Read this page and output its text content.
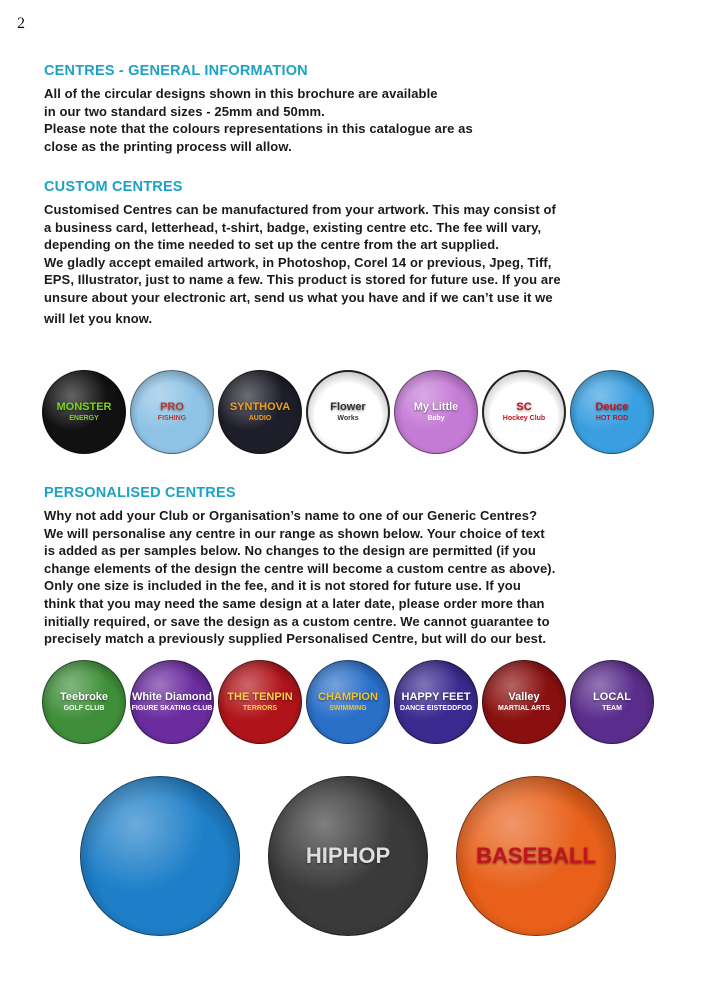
2
CENTRES - GENERAL INFORMATION
All of the circular designs shown in this brochure are available
in our two standard sizes - 25mm and 50mm.
Please note that the colours representations in this catalogue are as
close as the printing process will allow.
CUSTOM CENTRES
Customised Centres can be manufactured from your artwork. This may consist of
a business card, letterhead, t-shirt, badge, existing centre etc. The fee will vary,
depending on the time needed to set up the centre from the art supplied.
We gladly accept emailed artwork, in Photoshop, Corel 14 or previous, Jpeg, Tiff,
EPS, Illustrator, just to name a few. This product is stored for future use. If you are
unsure about your electronic art, send us what you have and if we can’t use it we
will let you know.
MONSTER
ENERGY
PRO
FISHING
SYNTHOVA
AUDIO
Flower
Works
My Little
Baby
SC
Hockey Club
Deuce
HOT ROD
PERSONALISED CENTRES
Why not add your Club or Organisation’s name to one of our Generic Centres?
We will personalise any centre in our range as shown below. Your choice of text
is added as per samples below. No changes to the design are permitted (if you
change elements of the design the centre will become a custom centre as above).
Only one size is included in the fee, and it is not stored for future use. If you
think that you may need the same design at a later date, please order more than
initially required, or save the design as a custom centre. We cannot guarantee to
precisely match a previously supplied Personalised Centre, but will do our best.
Teebroke
GOLF CLUB
White Diamond
FIGURE SKATING CLUB
THE TENPIN
TERRORS
CHAMPION
SWIMMING
HAPPY FEET
DANCE EISTEDDFOD
Valley
MARTIAL ARTS
LOCAL
TEAM
HIPHOP	BASEBALL
